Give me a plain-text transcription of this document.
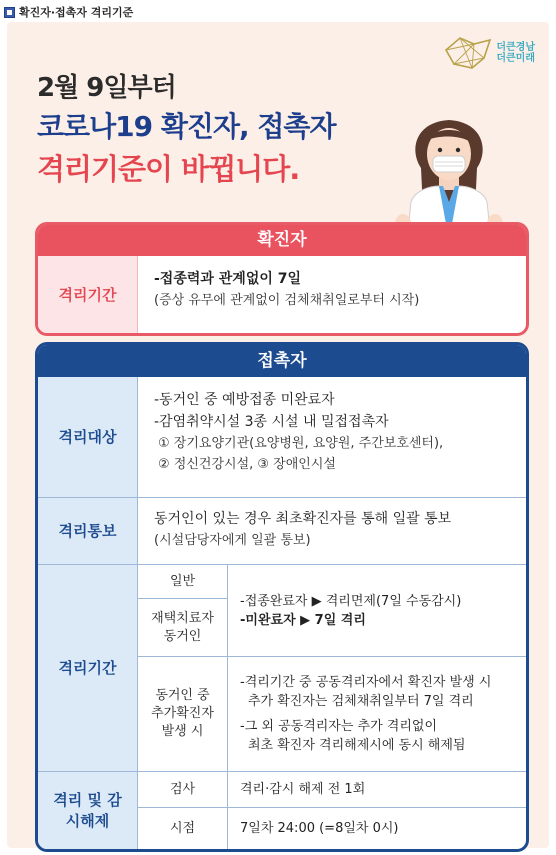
확진자·접촉자 격리기준
더큰경남
더큰미래
2월 9일부터
코로나19 확진자, 접촉자
격리기준이 바뀝니다.
확진자
격리기간
-접종력과 관계없이 7일
(증상 유무에 관계없이 검체채취일로부터 시작)
접촉자
격리대상
-동거인 중 예방접종 미완료자
-감염취약시설 3종 시설 내 밀접접촉자
① 장기요양기관(요양병원, 요양원, 주간보호센터),
② 정신건강시설, ③ 장애인시설
격리통보
동거인이 있는 경우 최초확진자를 통해 일괄 통보
(시설담당자에게 일괄 통보)
격리기간
일반
재택치료자 동거인
-접종완료자 ▶ 격리면제(7일 수동감시)
-미완료자 ▶ 7일 격리
동거인 중 추가확진자 발생 시
-격리기간 중 공동격리자에서 확진자 발생 시
추가 확진자는 검체채취일부터 7일 격리
-그 외 공동격리자는 추가 격리없이
최초 확진자 격리해제시에 동시 해제됨
격리 및 감시해제
검사	격리·감시 해제 전 1회
시점	7일차 24:00 (=8일차 0시)
